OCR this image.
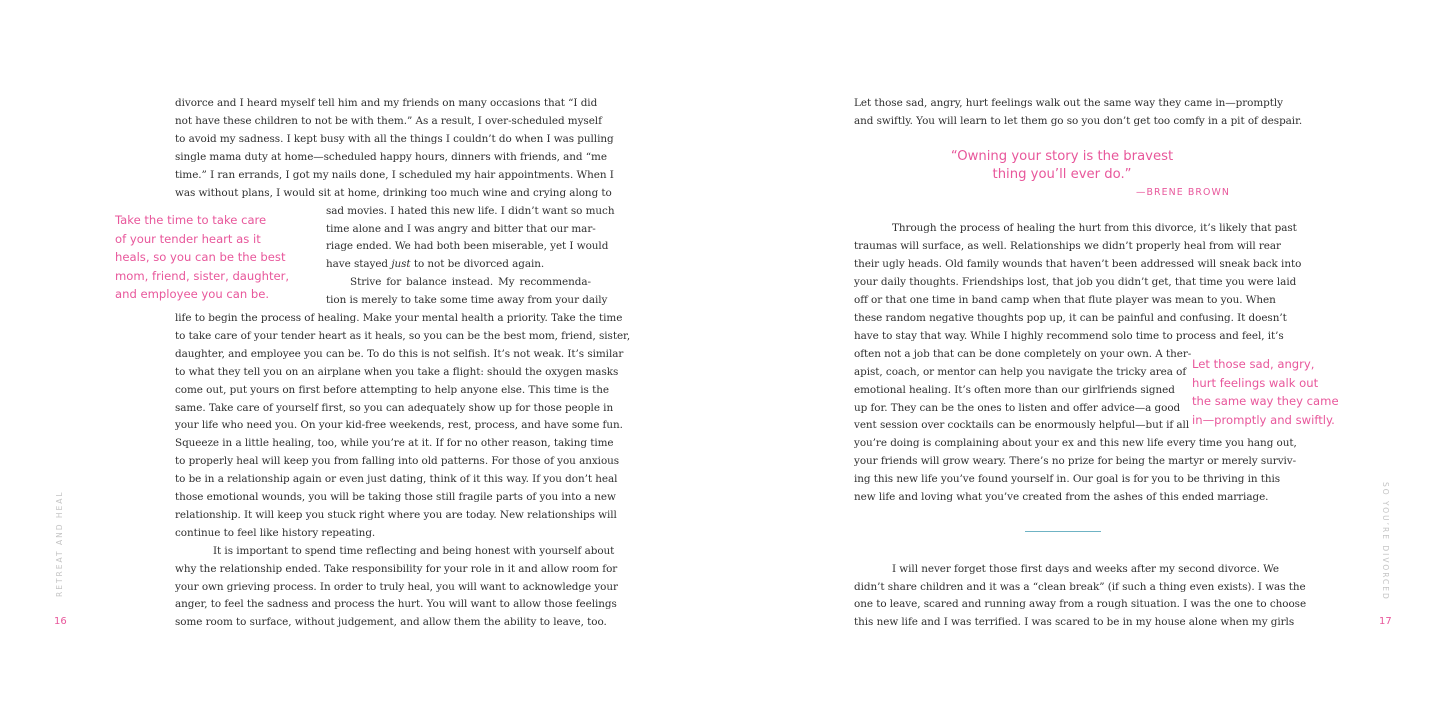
divorce and I heard myself tell him and my friends on many occasions that “I did
not have these children to not be with them.” As a result, I over-scheduled myself
to avoid my sadness. I kept busy with all the things I couldn’t do when I was pulling
single mama duty at home—scheduled happy hours, dinners with friends, and “me
time.” I ran errands, I got my nails done, I scheduled my hair appointments. When I
was without plans, I would sit at home, drinking too much wine and crying along to
sad movies. I hated this new life. I didn’t want so much
time alone and I was angry and bitter that our mar-
riage ended. We had both been miserable, yet I would
have stayed just to not be divorced again.
Strive for balance instead. My recommenda-
tion is merely to take some time away from your daily
life to begin the process of healing. Make your mental health a priority. Take the time
to take care of your tender heart as it heals, so you can be the best mom, friend, sister,
daughter, and employee you can be. To do this is not selfish. It’s not weak. It’s similar
to what they tell you on an airplane when you take a flight: should the oxygen masks
come out, put yours on first before attempting to help anyone else. This time is the
same. Take care of yourself first, so you can adequately show up for those people in
your life who need you. On your kid-free weekends, rest, process, and have some fun.
Squeeze in a little healing, too, while you’re at it. If for no other reason, taking time
to properly heal will keep you from falling into old patterns. For those of you anxious
to be in a relationship again or even just dating, think of it this way. If you don’t heal
those emotional wounds, you will be taking those still fragile parts of you into a new
relationship. It will keep you stuck right where you are today. New relationships will
continue to feel like history repeating.
It is important to spend time reflecting and being honest with yourself about
why the relationship ended. Take responsibility for your role in it and allow room for
your own grieving process. In order to truly heal, you will want to acknowledge your
anger, to feel the sadness and process the hurt. You will want to allow those feelings
some room to surface, without judgement, and allow them the ability to leave, too.
Take the time to take care
of your tender heart as it
heals, so you can be the best
mom, friend, sister, daughter,
and employee you can be.
RETREAT AND HEAL
16
Let those sad, angry, hurt feelings walk out the same way they came in—promptly
and swiftly. You will learn to let them go so you don’t get too comfy in a pit of despair.
“Owning your story is the bravest
thing you’ll ever do.”
—BRENE BROWN
Through the process of healing the hurt from this divorce, it’s likely that past
traumas will surface, as well. Relationships we didn’t properly heal from will rear
their ugly heads. Old family wounds that haven’t been addressed will sneak back into
your daily thoughts. Friendships lost, that job you didn’t get, that time you were laid
off or that one time in band camp when that flute player was mean to you. When
these random negative thoughts pop up, it can be painful and confusing. It doesn’t
have to stay that way. While I highly recommend solo time to process and feel, it’s
often not a job that can be done completely on your own. A ther-
apist, coach, or mentor can help you navigate the tricky area of
emotional healing. It’s often more than our girlfriends signed
up for. They can be the ones to listen and offer advice—a good
vent session over cocktails can be enormously helpful—but if all
you’re doing is complaining about your ex and this new life every time you hang out,
your friends will grow weary. There’s no prize for being the martyr or merely surviv-
ing this new life you’ve found yourself in. Our goal is for you to be thriving in this
new life and loving what you’ve created from the ashes of this ended marriage.
Let those sad, angry,
hurt feelings walk out
the same way they came
in—promptly and swiftly.
I will never forget those first days and weeks after my second divorce. We
didn’t share children and it was a “clean break” (if such a thing even exists). I was the
one to leave, scared and running away from a rough situation. I was the one to choose
this new life and I was terrified. I was scared to be in my house alone when my girls
SO YOU’RE DIVORCED
17
